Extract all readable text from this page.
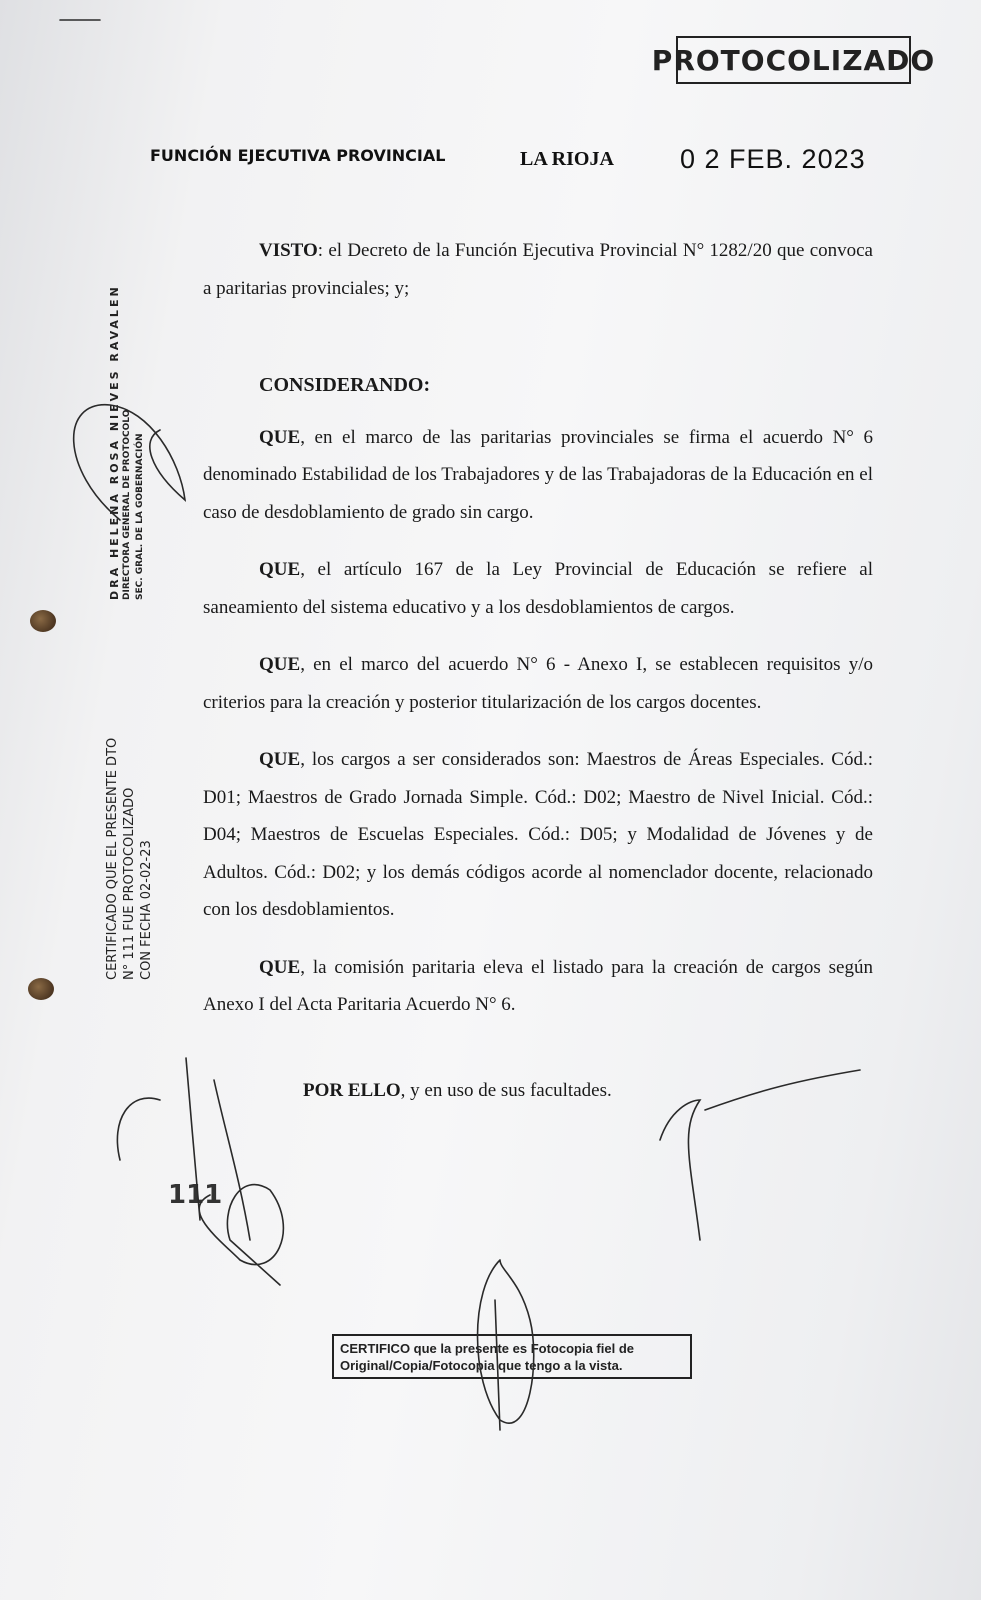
PROTOCOLIZADO
FUNCIÓN EJECUTIVA PROVINCIAL	LA RIOJA 0 2 FEB. 2023

VISTO: el Decreto de la Función Ejecutiva Provincial N° 1282/20 que convoca a paritarias provinciales; y;

CONSIDERANDO:

QUE, en el marco de las paritarias provinciales se firma el acuerdo N° 6 denominado Estabilidad de los Trabajadores y de las Trabajadoras de la Educación en el caso de desdoblamiento de grado sin cargo.

QUE, el artículo 167 de la Ley Provincial de Educación se refiere al saneamiento del sistema educativo y a los desdoblamientos de cargos.

QUE, en el marco del acuerdo N° 6 - Anexo I, se establecen requisitos y/o criterios para la creación y posterior titularización de los cargos docentes.

QUE, los cargos a ser considerados son: Maestros de Áreas Especiales. Cód.: D01; Maestros de Grado Jornada Simple. Cód.: D02; Maestro de Nivel Inicial. Cód.: D04; Maestros de Escuelas Especiales. Cód.: D05; y Modalidad de Jóvenes y de Adultos. Cód.: D02; y los demás códigos acorde al nomenclador docente, relacionado con los desdoblamientos.

QUE, la comisión paritaria eleva el listado para la creación de cargos según Anexo I del Acta Paritaria Acuerdo N° 6.

POR ELLO, y en uso de sus facultades.

DRA HELENA ROSA NIEVES RAVALEN DIRECTORA GENERAL DE PROTOCOLO SEC. GRAL. DE LA GOBERNACIÓN
CERTIFICADO QUE EL PRESENTE DTO N° 111 FUE PROTOCOLIZADO CON FECHA 02-02-23
111
CERTIFICO que la presente es Fotocopia fiel de
Original/Copia/Fotocopia que tengo a la vista.
